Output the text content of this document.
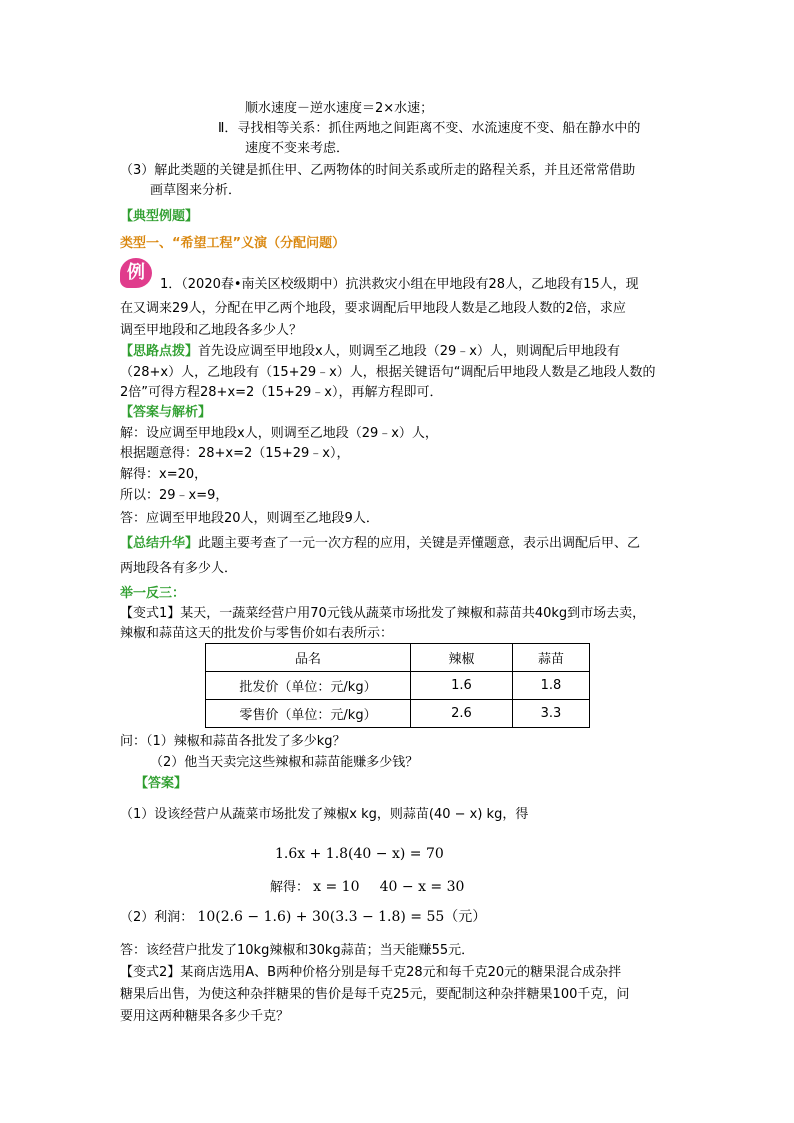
顺水速度－逆水速度＝2×水速；
Ⅱ．寻找相等关系：抓住两地之间距离不变、水流速度不变、船在静水中的
速度不变来考虑．
（3）解此类题的关键是抓住甲、乙两物体的时间关系或所走的路程关系，并且还常常借助
画草图来分析．
【典型例题】
类型一、“希望工程”义演（分配问题）
例
1．（2020春•南关区校级期中）抗洪救灾小组在甲地段有28人，乙地段有15人，现
在又调来29人，分配在甲乙两个地段，要求调配后甲地段人数是乙地段人数的2倍，求应
调至甲地段和乙地段各多少人？
【思路点拨】首先设应调至甲地段x人，则调至乙地段（29﹣x）人，则调配后甲地段有
（28+x）人，乙地段有（15+29﹣x）人，根据关键语句“调配后甲地段人数是乙地段人数的
2倍”可得方程28+x=2（15+29﹣x），再解方程即可．
【答案与解析】
解：设应调至甲地段x人，则调至乙地段（29﹣x）人，
根据题意得：28+x=2（15+29﹣x），
解得：x=20，
所以：29﹣x=9，
答：应调至甲地段20人，则调至乙地段9人．
【总结升华】此题主要考查了一元一次方程的应用，关键是弄懂题意，表示出调配后甲、乙
两地段各有多少人．
举一反三：
【变式1】某天，一蔬菜经营户用70元钱从蔬菜市场批发了辣椒和蒜苗共40kg到市场去卖，
辣椒和蒜苗这天的批发价与零售价如右表所示：
品名	辣椒	蒜苗
批发价（单位：元/kg）	1.6	1.8
零售价（单位：元/kg）	2.6	3.3
问：（1）辣椒和蒜苗各批发了多少kg？
（2）他当天卖完这些辣椒和蒜苗能赚多少钱？
【答案】
（1）设该经营户从蔬菜市场批发了辣椒x kg，则蒜苗(40 − x) kg，得
1.6x + 1.8(40 − x) = 70
解得： x = 10 40 − x = 30
（2）利润： 10(2.6 − 1.6) + 30(3.3 − 1.8) = 55（元）
答：该经营户批发了10kg辣椒和30kg蒜苗；当天能赚55元．
【变式2】某商店选用A、B两种价格分别是每千克28元和每千克20元的糖果混合成杂拌
糖果后出售，为使这种杂拌糖果的售价是每千克25元，要配制这种杂拌糖果100千克，问
要用这两种糖果各多少千克？
